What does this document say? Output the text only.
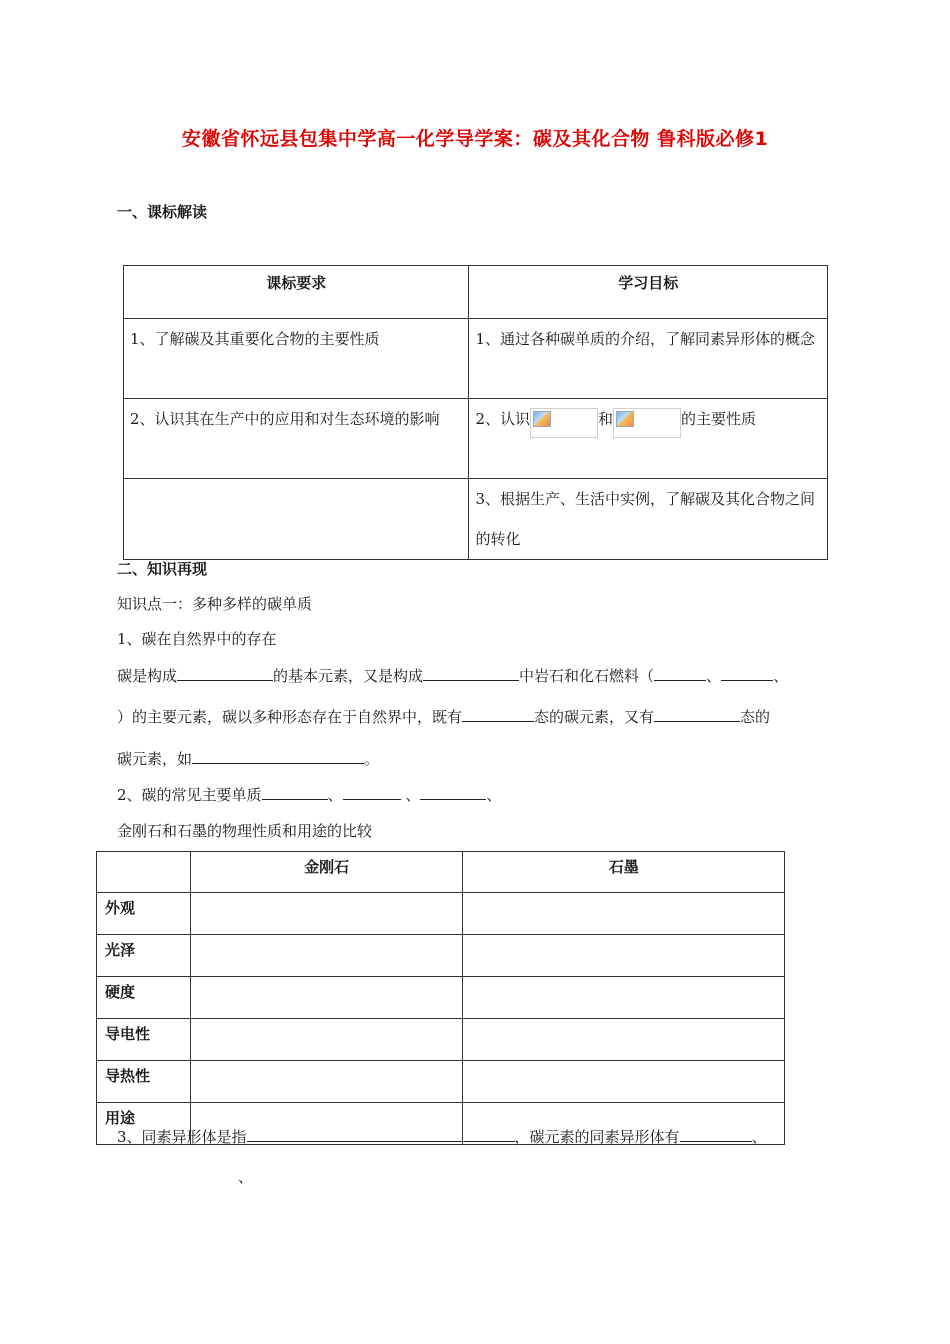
安徽省怀远县包集中学高一化学导学案：碳及其化合物 鲁科版必修1
一、课标解读
课标要求	学习目标
1、了解碳及其重要化合物的主要性质	1、通过各种碳单质的介绍，了解同素异形体的概念
2、认识其在生产中的应用和对生态环境的影响	2、认识 和 的主要性质
	3、根据生产、生活中实例，了解碳及其化合物之间的转化
二、知识再现
知识点一：多种多样的碳单质
1、碳在自然界中的存在
碳是构成	的基本元素，又是构成	中岩石和化石燃料（	、	、
）的主要元素，碳以多种形态存在于自然界中，既有	态的碳元素，又有	态的
碳元素，如	。
2、碳的常见主要单质	、	、	、
金刚石和石墨的物理性质和用途的比较
	金刚石	石墨
外观		
光泽		
硬度		
导电性		
导热性		
用途		
3、同素异形体是指	，碳元素的同素异形体有	、
、
